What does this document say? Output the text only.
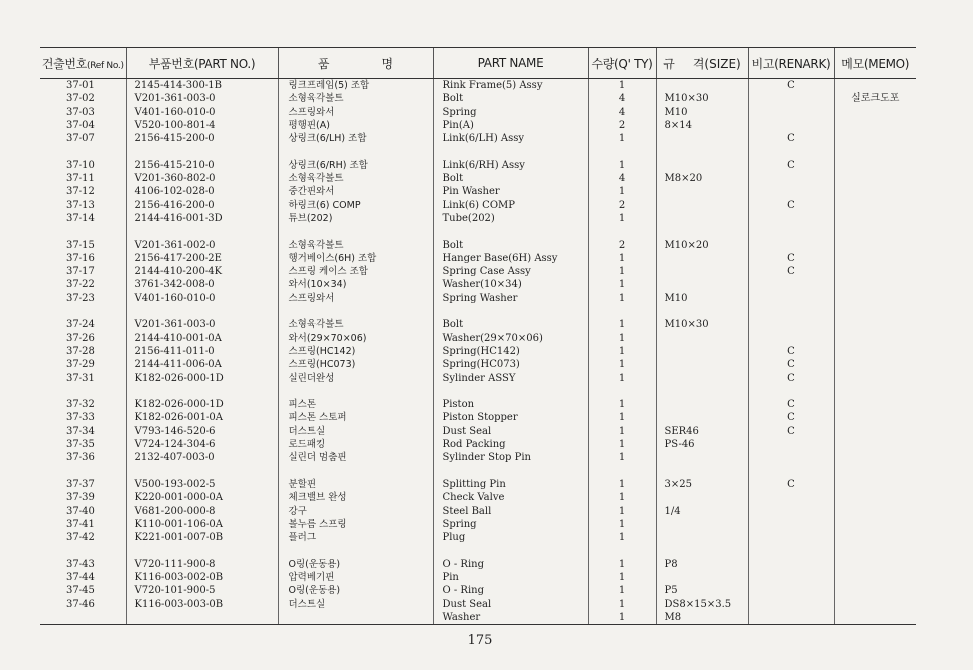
건출번호(Ref No.)	부품번호(PART NO.)	품 명	PART NAME	수량(Q' TY)	규 격(SIZE)	비고(RENARK)	메모(MEMO)
37-01	2145-414-300-1B	링크프레임(5) 조합	Rink Frame(5) Assy	1		C	
37-02	V201-361-003-0	소형육각볼트	Bolt	4	M10×30		실로크도포
37-03	V401-160-010-0	스프링와서	Spring	4	M10		
37-04	V520-100-801-4	평행핀(A)	Pin(A)	2	8×14		
37-07	2156-415-200-0	상링크(6/LH) 조합	Link(6/LH) Assy	1		C	

37-10	2156-415-210-0	상링크(6/RH) 조합	Link(6/RH) Assy	1		C	
37-11	V201-360-802-0	소형육각볼트	Bolt	4	M8×20		
37-12	4106-102-028-0	중간핀와서	Pin Washer	1			
37-13	2156-416-200-0	하링크(6) COMP	Link(6) COMP	2		C	
37-14	2144-416-001-3D	튜브(202)	Tube(202)	1			

37-15	V201-361-002-0	소형육각볼트	Bolt	2	M10×20		
37-16	2156-417-200-2E	행거베이스(6H) 조합	Hanger Base(6H) Assy	1		C	
37-17	2144-410-200-4K	스프링 케이스 조합	Spring Case Assy	1		C	
37-22	3761-342-008-0	와서(10×34)	Washer(10×34)	1			
37-23	V401-160-010-0	스프링와서	Spring Washer	1	M10		

37-24	V201-361-003-0	소형육각볼트	Bolt	1	M10×30		
37-26	2144-410-001-0A	와서(29×70×06)	Washer(29×70×06)	1			
37-28	2156-411-011-0	스프링(HC142)	Spring(HC142)	1		C	
37-29	2144-411-006-0A	스프링(HC073)	Spring(HC073)	1		C	
37-31	K182-026-000-1D	실린더완성	Sylinder ASSY	1		C	

37-32	K182-026-000-1D	피스톤	Piston	1		C	
37-33	K182-026-001-0A	피스톤 스토퍼	Piston Stopper	1		C	
37-34	V793-146-520-6	더스트실	Dust Seal	1	SER46	C	
37-35	V724-124-304-6	로드패킹	Rod Packing	1	PS-46		
37-36	2132-407-003-0	실린더 멈춤핀	Sylinder Stop Pin	1			

37-37	V500-193-002-5	분할핀	Splitting Pin	1	3×25	C	
37-39	K220-001-000-0A	체크밸브 완성	Check Valve	1			
37-40	V681-200-000-8	강구	Steel Ball	1	1/4		
37-41	K110-001-106-0A	볼누름 스프링	Spring	1			
37-42	K221-001-007-0B	플러그	Plug	1			

37-43	V720-111-900-8	O링(운동용)	O - Ring	1	P8		
37-44	K116-003-002-0B	압력베기핀	Pin	1			
37-45	V720-101-900-5	O링(운동용)	O - Ring	1	P5		
37-46	K116-003-003-0B	더스트실	Dust Seal	1	DS8×15×3.5		
			Washer	1	M8		
175
